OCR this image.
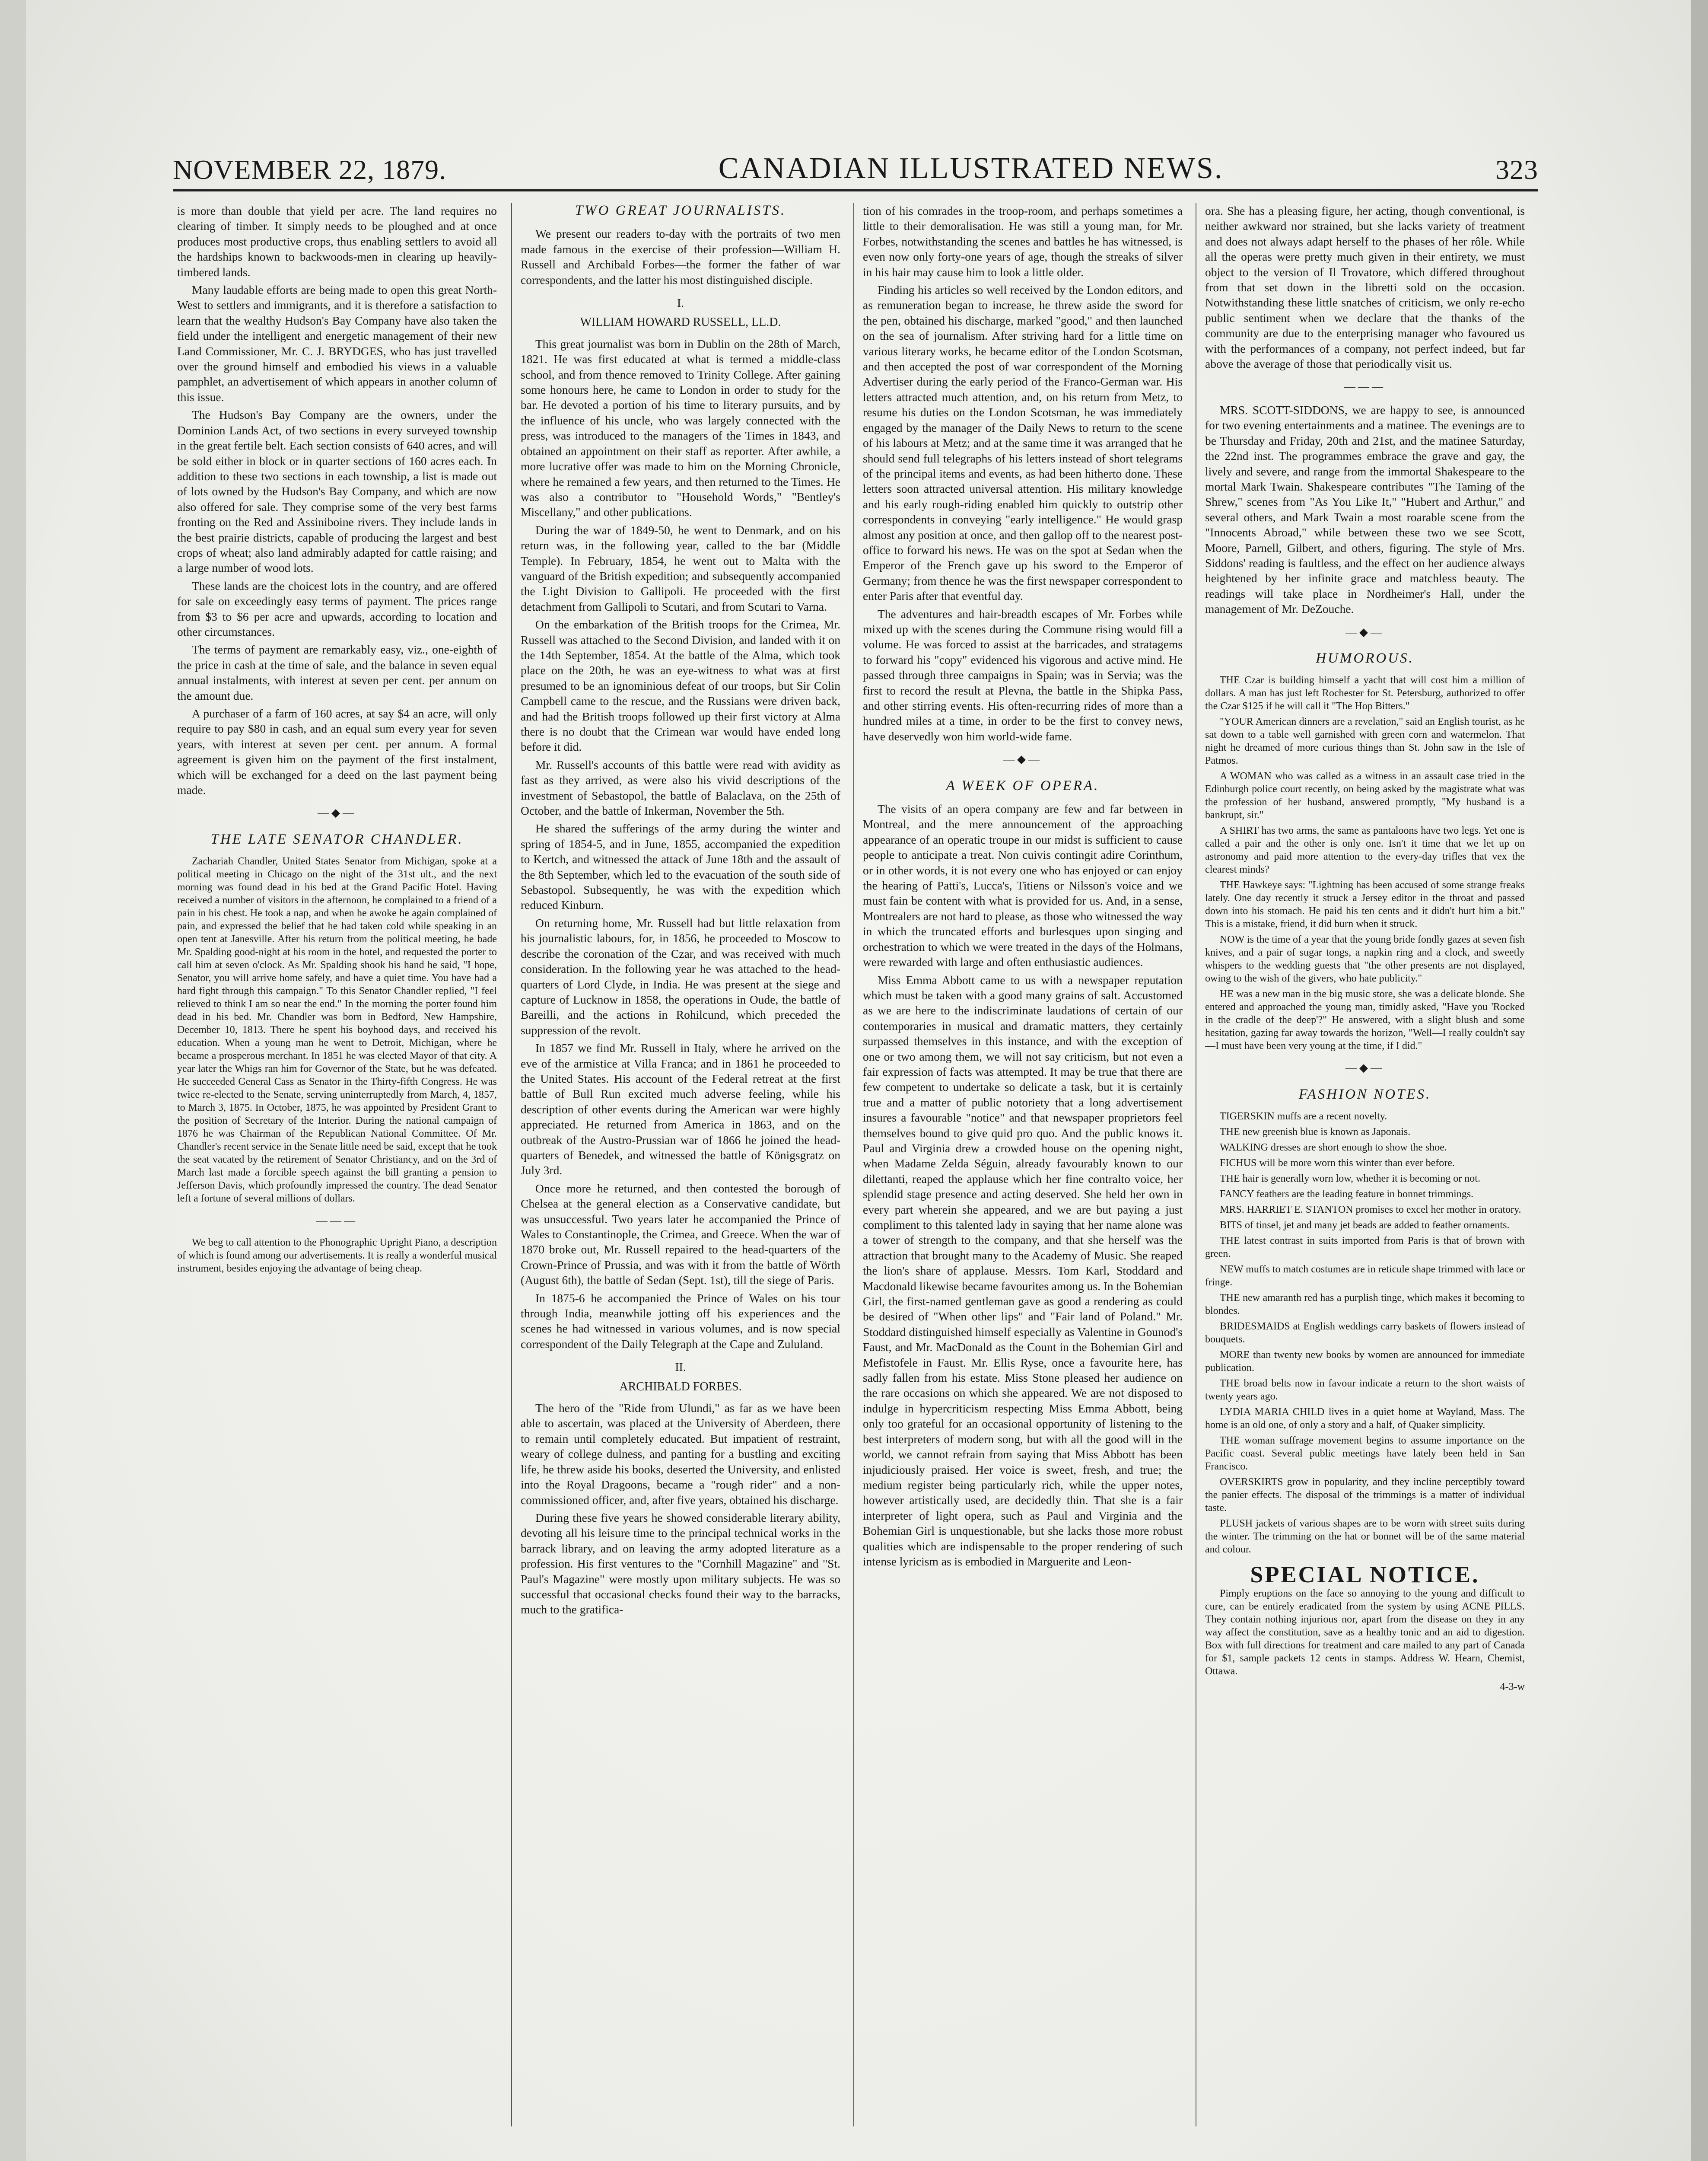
NOVEMBER 22, 1879.	CANADIAN ILLUSTRATED NEWS.	323

is more than double that yield per acre. The land requires no clearing of timber. It simply needs to be ploughed and at once produces most productive crops, thus enabling settlers to avoid all the hardships known to backwoods-men in clearing up heavily-timbered lands.

Many laudable efforts are being made to open this great North-West to settlers and immigrants, and it is therefore a satisfaction to learn that the wealthy Hudson's Bay Company have also taken the field under the intelligent and energetic management of their new Land Commissioner, Mr. C. J. BRYDGES, who has just travelled over the ground himself and embodied his views in a valuable pamphlet, an advertisement of which appears in another column of this issue.

The Hudson's Bay Company are the owners, under the Dominion Lands Act, of two sections in every surveyed township in the great fertile belt. Each section consists of 640 acres, and will be sold either in block or in quarter sections of 160 acres each. In addition to these two sections in each township, a list is made out of lots owned by the Hudson's Bay Company, and which are now also offered for sale. They comprise some of the very best farms fronting on the Red and Assiniboine rivers. They include lands in the best prairie districts, capable of producing the largest and best crops of wheat; also land admirably adapted for cattle raising; and a large number of wood lots.

These lands are the choicest lots in the country, and are offered for sale on exceedingly easy terms of payment. The prices range from $3 to $6 per acre and upwards, according to location and other circumstances.

The terms of payment are remarkably easy, viz., one-eighth of the price in cash at the time of sale, and the balance in seven equal annual instalments, with interest at seven per cent. per annum on the amount due.

A purchaser of a farm of 160 acres, at say $4 an acre, will only require to pay $80 in cash, and an equal sum every year for seven years, with interest at seven per cent. per annum. A formal agreement is given him on the payment of the first instalment, which will be exchanged for a deed on the last payment being made.

—◆—
THE LATE SENATOR CHANDLER.

Zachariah Chandler, United States Senator from Michigan, spoke at a political meeting in Chicago on the night of the 31st ult., and the next morning was found dead in his bed at the Grand Pacific Hotel. Having received a number of visitors in the afternoon, he complained to a friend of a pain in his chest. He took a nap, and when he awoke he again complained of pain, and expressed the belief that he had taken cold while speaking in an open tent at Janesville. After his return from the political meeting, he bade Mr. Spalding good-night at his room in the hotel, and requested the porter to call him at seven o'clock. As Mr. Spalding shook his hand he said, "I hope, Senator, you will arrive home safely, and have a quiet time. You have had a hard fight through this campaign." To this Senator Chandler replied, "I feel relieved to think I am so near the end." In the morning the porter found him dead in his bed. Mr. Chandler was born in Bedford, New Hampshire, December 10, 1813. There he spent his boyhood days, and received his education. When a young man he went to Detroit, Michigan, where he became a prosperous merchant. In 1851 he was elected Mayor of that city. A year later the Whigs ran him for Governor of the State, but he was defeated. He succeeded General Cass as Senator in the Thirty-fifth Congress. He was twice re-elected to the Senate, serving uninterruptedly from March, 4, 1857, to March 3, 1875. In October, 1875, he was appointed by President Grant to the position of Secretary of the Interior. During the national campaign of 1876 he was Chairman of the Republican National Committee. Of Mr. Chandler's recent service in the Senate little need be said, except that he took the seat vacated by the retirement of Senator Christiancy, and on the 3rd of March last made a forcible speech against the bill granting a pension to Jefferson Davis, which profoundly impressed the country. The dead Senator left a fortune of several millions of dollars.

———

We beg to call attention to the Phonographic Upright Piano, a description of which is found among our advertisements. It is really a wonderful musical instrument, besides enjoying the advantage of being cheap.

TWO GREAT JOURNALISTS.

We present our readers to-day with the portraits of two men made famous in the exercise of their profession—William H. Russell and Archibald Forbes—the former the father of war correspondents, and the latter his most distinguished disciple.

I.
WILLIAM HOWARD RUSSELL, LL.D.

This great journalist was born in Dublin on the 28th of March, 1821. He was first educated at what is termed a middle-class school, and from thence removed to Trinity College. After gaining some honours here, he came to London in order to study for the bar. He devoted a portion of his time to literary pursuits, and by the influence of his uncle, who was largely connected with the press, was introduced to the managers of the Times in 1843, and obtained an appointment on their staff as reporter. After awhile, a more lucrative offer was made to him on the Morning Chronicle, where he remained a few years, and then returned to the Times. He was also a contributor to "Household Words," "Bentley's Miscellany," and other publications.

During the war of 1849-50, he went to Denmark, and on his return was, in the following year, called to the bar (Middle Temple). In February, 1854, he went out to Malta with the vanguard of the British expedition; and subsequently accompanied the Light Division to Gallipoli. He proceeded with the first detachment from Gallipoli to Scutari, and from Scutari to Varna.

On the embarkation of the British troops for the Crimea, Mr. Russell was attached to the Second Division, and landed with it on the 14th September, 1854. At the battle of the Alma, which took place on the 20th, he was an eye-witness to what was at first presumed to be an ignominious defeat of our troops, but Sir Colin Campbell came to the rescue, and the Russians were driven back, and had the British troops followed up their first victory at Alma there is no doubt that the Crimean war would have ended long before it did.

Mr. Russell's accounts of this battle were read with avidity as fast as they arrived, as were also his vivid descriptions of the investment of Sebastopol, the battle of Balaclava, on the 25th of October, and the battle of Inkerman, November the 5th.

He shared the sufferings of the army during the winter and spring of 1854-5, and in June, 1855, accompanied the expedition to Kertch, and witnessed the attack of June 18th and the assault of the 8th September, which led to the evacuation of the south side of Sebastopol. Subsequently, he was with the expedition which reduced Kinburn.

On returning home, Mr. Russell had but little relaxation from his journalistic labours, for, in 1856, he proceeded to Moscow to describe the coronation of the Czar, and was received with much consideration. In the following year he was attached to the head-quarters of Lord Clyde, in India. He was present at the siege and capture of Lucknow in 1858, the operations in Oude, the battle of Bareilli, and the actions in Rohilcund, which preceded the suppression of the revolt.

In 1857 we find Mr. Russell in Italy, where he arrived on the eve of the armistice at Villa Franca; and in 1861 he proceeded to the United States. His account of the Federal retreat at the first battle of Bull Run excited much adverse feeling, while his description of other events during the American war were highly appreciated. He returned from America in 1863, and on the outbreak of the Austro-Prussian war of 1866 he joined the head-quarters of Benedek, and witnessed the battle of Königsgratz on July 3rd.

Once more he returned, and then contested the borough of Chelsea at the general election as a Conservative candidate, but was unsuccessful. Two years later he accompanied the Prince of Wales to Constantinople, the Crimea, and Greece. When the war of 1870 broke out, Mr. Russell repaired to the head-quarters of the Crown-Prince of Prussia, and was with it from the battle of Wörth (August 6th), the battle of Sedan (Sept. 1st), till the siege of Paris.

In 1875-6 he accompanied the Prince of Wales on his tour through India, meanwhile jotting off his experiences and the scenes he had witnessed in various volumes, and is now special correspondent of the Daily Telegraph at the Cape and Zululand.

II.
ARCHIBALD FORBES.

The hero of the "Ride from Ulundi," as far as we have been able to ascertain, was placed at the University of Aberdeen, there to remain until completely educated. But impatient of restraint, weary of college dulness, and panting for a bustling and exciting life, he threw aside his books, deserted the University, and enlisted into the Royal Dragoons, became a "rough rider" and a non-commissioned officer, and, after five years, obtained his discharge.

During these five years he showed considerable literary ability, devoting all his leisure time to the principal technical works in the barrack library, and on leaving the army adopted literature as a profession. His first ventures to the "Cornhill Magazine" and "St. Paul's Magazine" were mostly upon military subjects. He was so successful that occasional checks found their way to the barracks, much to the gratifica-

tion of his comrades in the troop-room, and perhaps sometimes a little to their demoralisation. He was still a young man, for Mr. Forbes, notwithstanding the scenes and battles he has witnessed, is even now only forty-one years of age, though the streaks of silver in his hair may cause him to look a little older.

Finding his articles so well received by the London editors, and as remuneration began to increase, he threw aside the sword for the pen, obtained his discharge, marked "good," and then launched on the sea of journalism. After striving hard for a little time on various literary works, he became editor of the London Scotsman, and then accepted the post of war correspondent of the Morning Advertiser during the early period of the Franco-German war. His letters attracted much attention, and, on his return from Metz, to resume his duties on the London Scotsman, he was immediately engaged by the manager of the Daily News to return to the scene of his labours at Metz; and at the same time it was arranged that he should send full telegraphs of his letters instead of short telegrams of the principal items and events, as had been hitherto done. These letters soon attracted universal attention. His military knowledge and his early rough-riding enabled him quickly to outstrip other correspondents in conveying "early intelligence." He would grasp almost any position at once, and then gallop off to the nearest post-office to forward his news. He was on the spot at Sedan when the Emperor of the French gave up his sword to the Emperor of Germany; from thence he was the first newspaper correspondent to enter Paris after that eventful day.

The adventures and hair-breadth escapes of Mr. Forbes while mixed up with the scenes during the Commune rising would fill a volume. He was forced to assist at the barricades, and stratagems to forward his "copy" evidenced his vigorous and active mind. He passed through three campaigns in Spain; was in Servia; was the first to record the result at Plevna, the battle in the Shipka Pass, and other stirring events. His often-recurring rides of more than a hundred miles at a time, in order to be the first to convey news, have deservedly won him world-wide fame.

—◆—
A WEEK OF OPERA.

The visits of an opera company are few and far between in Montreal, and the mere announcement of the approaching appearance of an operatic troupe in our midst is sufficient to cause people to anticipate a treat. Non cuivis contingit adire Corinthum, or in other words, it is not every one who has enjoyed or can enjoy the hearing of Patti's, Lucca's, Titiens or Nilsson's voice and we must fain be content with what is provided for us. And, in a sense, Montrealers are not hard to please, as those who witnessed the way in which the truncated efforts and burlesques upon singing and orchestration to which we were treated in the days of the Holmans, were rewarded with large and often enthusiastic audiences.

Miss Emma Abbott came to us with a newspaper reputation which must be taken with a good many grains of salt. Accustomed as we are here to the indiscriminate laudations of certain of our contemporaries in musical and dramatic matters, they certainly surpassed themselves in this instance, and with the exception of one or two among them, we will not say criticism, but not even a fair expression of facts was attempted. It may be true that there are few competent to undertake so delicate a task, but it is certainly true and a matter of public notoriety that a long advertisement insures a favourable "notice" and that newspaper proprietors feel themselves bound to give quid pro quo. And the public knows it. Paul and Virginia drew a crowded house on the opening night, when Madame Zelda Séguin, already favourably known to our dilettanti, reaped the applause which her fine contralto voice, her splendid stage presence and acting deserved. She held her own in every part wherein she appeared, and we are but paying a just compliment to this talented lady in saying that her name alone was a tower of strength to the company, and that she herself was the attraction that brought many to the Academy of Music. She reaped the lion's share of applause. Messrs. Tom Karl, Stoddard and Macdonald likewise became favourites among us. In the Bohemian Girl, the first-named gentleman gave as good a rendering as could be desired of "When other lips" and "Fair land of Poland." Mr. Stoddard distinguished himself especially as Valentine in Gounod's Faust, and Mr. MacDonald as the Count in the Bohemian Girl and Mefistofele in Faust. Mr. Ellis Ryse, once a favourite here, has sadly fallen from his estate. Miss Stone pleased her audience on the rare occasions on which she appeared. We are not disposed to indulge in hypercriticism respecting Miss Emma Abbott, being only too grateful for an occasional opportunity of listening to the best interpreters of modern song, but with all the good will in the world, we cannot refrain from saying that Miss Abbott has been injudiciously praised. Her voice is sweet, fresh, and true; the medium register being particularly rich, while the upper notes, however artistically used, are decidedly thin. That she is a fair interpreter of light opera, such as Paul and Virginia and the Bohemian Girl is unquestionable, but she lacks those more robust qualities which are indispensable to the proper rendering of such intense lyricism as is embodied in Marguerite and Leon-

ora. She has a pleasing figure, her acting, though conventional, is neither awkward nor strained, but she lacks variety of treatment and does not always adapt herself to the phases of her rôle. While all the operas were pretty much given in their entirety, we must object to the version of Il Trovatore, which differed throughout from that set down in the libretti sold on the occasion. Notwithstanding these little snatches of criticism, we only re-echo public sentiment when we declare that the thanks of the community are due to the enterprising manager who favoured us with the performances of a company, not perfect indeed, but far above the average of those that periodically visit us.

———

MRS. SCOTT-SIDDONS, we are happy to see, is announced for two evening entertainments and a matinee. The evenings are to be Thursday and Friday, 20th and 21st, and the matinee Saturday, the 22nd inst. The programmes embrace the grave and gay, the lively and severe, and range from the immortal Shakespeare to the mortal Mark Twain. Shakespeare contributes "The Taming of the Shrew," scenes from "As You Like It," "Hubert and Arthur," and several others, and Mark Twain a most roarable scene from the "Innocents Abroad," while between these two we see Scott, Moore, Parnell, Gilbert, and others, figuring. The style of Mrs. Siddons' reading is faultless, and the effect on her audience always heightened by her infinite grace and matchless beauty. The readings will take place in Nordheimer's Hall, under the management of Mr. DeZouche.

—◆—
HUMOROUS.

THE Czar is building himself a yacht that will cost him a million of dollars. A man has just left Rochester for St. Petersburg, authorized to offer the Czar $125 if he will call it "The Hop Bitters."

"YOUR American dinners are a revelation," said an English tourist, as he sat down to a table well garnished with green corn and watermelon. That night he dreamed of more curious things than St. John saw in the Isle of Patmos.

A WOMAN who was called as a witness in an assault case tried in the Edinburgh police court recently, on being asked by the magistrate what was the profession of her husband, answered promptly, "My husband is a bankrupt, sir."

A SHIRT has two arms, the same as pantaloons have two legs. Yet one is called a pair and the other is only one. Isn't it time that we let up on astronomy and paid more attention to the every-day trifles that vex the clearest minds?

THE Hawkeye says: "Lightning has been accused of some strange freaks lately. One day recently it struck a Jersey editor in the throat and passed down into his stomach. He paid his ten cents and it didn't hurt him a bit." This is a mistake, friend, it did burn when it struck.

NOW is the time of a year that the young bride fondly gazes at seven fish knives, and a pair of sugar tongs, a napkin ring and a clock, and sweetly whispers to the wedding guests that "the other presents are not displayed, owing to the wish of the givers, who hate publicity."

HE was a new man in the big music store, she was a delicate blonde. She entered and approached the young man, timidly asked, "Have you 'Rocked in the cradle of the deep'?" He answered, with a slight blush and some hesitation, gazing far away towards the horizon, "Well—I really couldn't say—I must have been very young at the time, if I did."

—◆—
FASHION NOTES.

TIGERSKIN muffs are a recent novelty.

THE new greenish blue is known as Japonais.

WALKING dresses are short enough to show the shoe.

FICHUS will be more worn this winter than ever before.

THE hair is generally worn low, whether it is becoming or not.

FANCY feathers are the leading feature in bonnet trimmings.

MRS. HARRIET E. STANTON promises to excel her mother in oratory.

BITS of tinsel, jet and many jet beads are added to feather ornaments.

THE latest contrast in suits imported from Paris is that of brown with green.

NEW muffs to match costumes are in reticule shape trimmed with lace or fringe.

THE new amaranth red has a purplish tinge, which makes it becoming to blondes.

BRIDESMAIDS at English weddings carry baskets of flowers instead of bouquets.

MORE than twenty new books by women are announced for immediate publication.

THE broad belts now in favour indicate a return to the short waists of twenty years ago.

LYDIA MARIA CHILD lives in a quiet home at Wayland, Mass. The home is an old one, of only a story and a half, of Quaker simplicity.

THE woman suffrage movement begins to assume importance on the Pacific coast. Several public meetings have lately been held in San Francisco.

OVERSKIRTS grow in popularity, and they incline perceptibly toward the panier effects. The disposal of the trimmings is a matter of individual taste.

PLUSH jackets of various shapes are to be worn with street suits during the winter. The trimming on the hat or bonnet will be of the same material and colour.

SPECIAL NOTICE.

Pimply eruptions on the face so annoying to the young and difficult to cure, can be entirely eradicated from the system by using ACNE PILLS. They contain nothing injurious nor, apart from the disease on they in any way affect the constitution, save as a healthy tonic and an aid to digestion. Box with full directions for treatment and care mailed to any part of Canada for $1, sample packets 12 cents in stamps. Address W. Hearn, Chemist, Ottawa.

4-3-w
